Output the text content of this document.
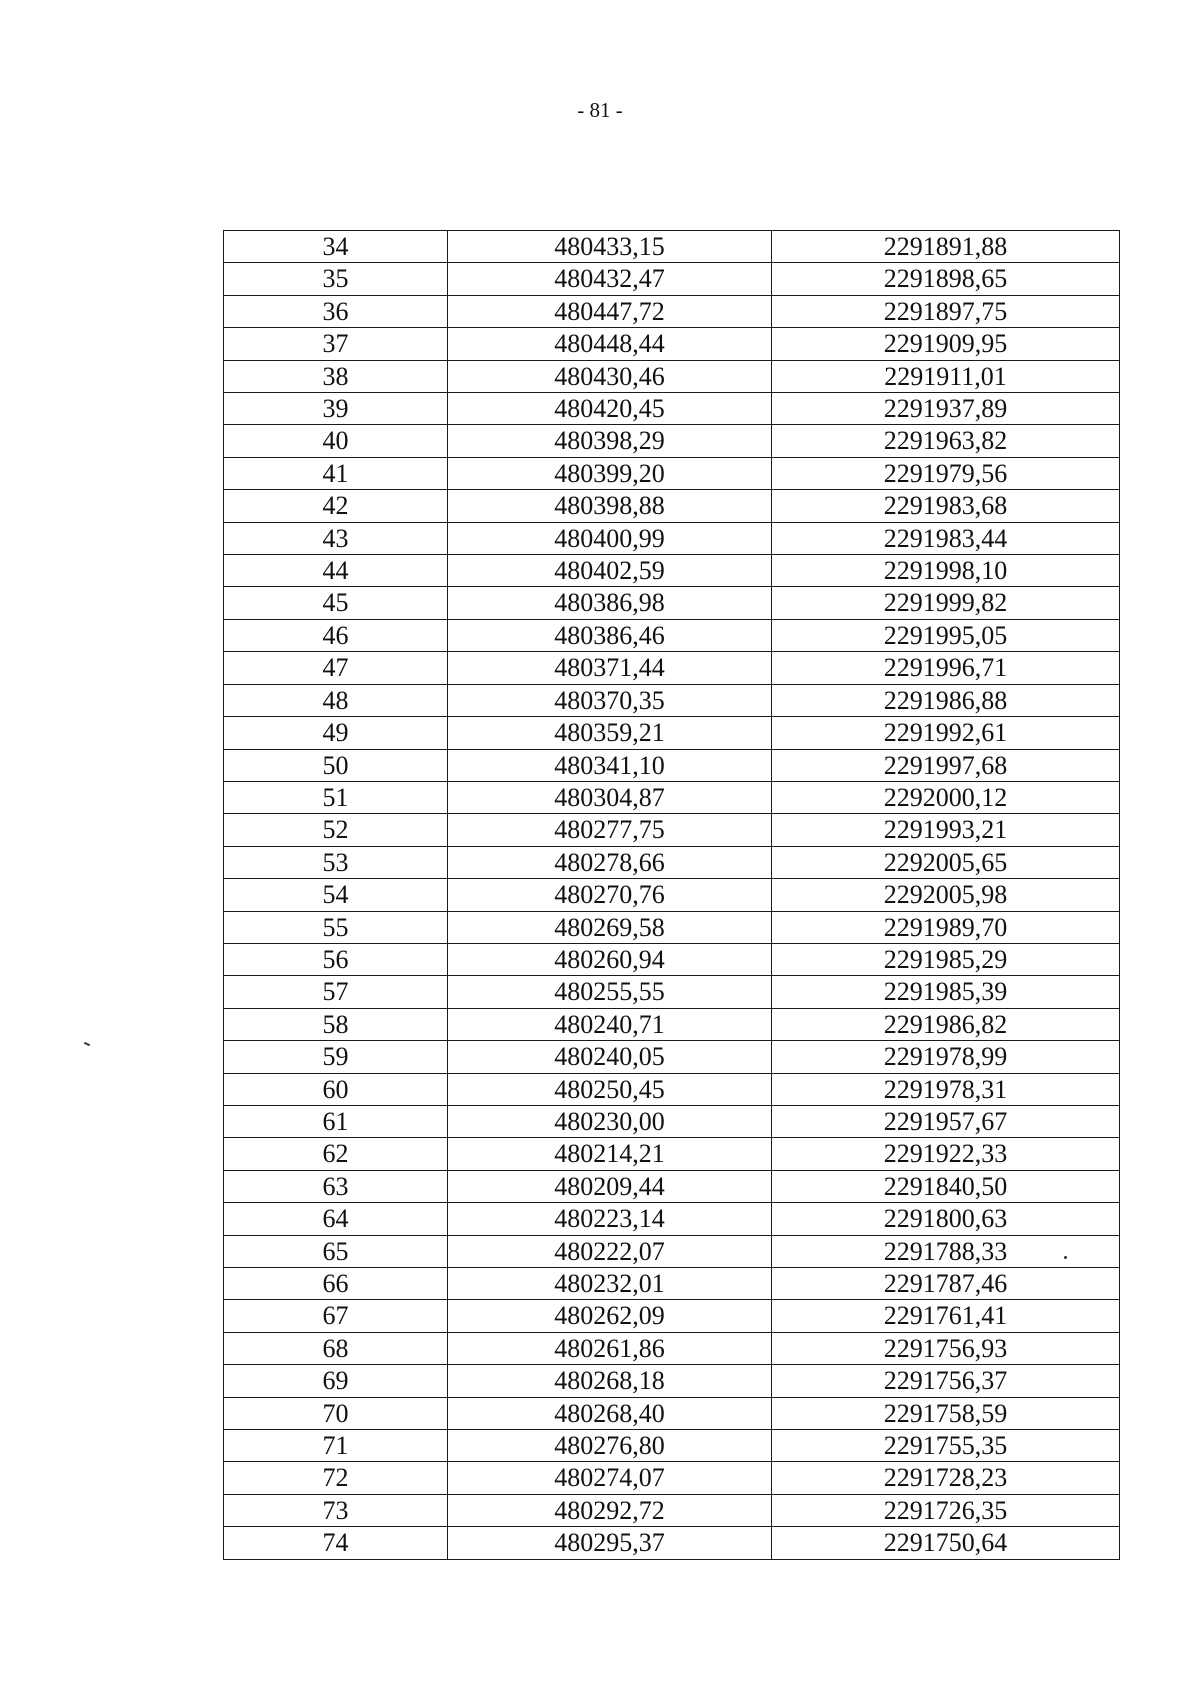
- 81 -
34	480433,15	2291891,88
35	480432,47	2291898,65
36	480447,72	2291897,75
37	480448,44	2291909,95
38	480430,46	2291911,01
39	480420,45	2291937,89
40	480398,29	2291963,82
41	480399,20	2291979,56
42	480398,88	2291983,68
43	480400,99	2291983,44
44	480402,59	2291998,10
45	480386,98	2291999,82
46	480386,46	2291995,05
47	480371,44	2291996,71
48	480370,35	2291986,88
49	480359,21	2291992,61
50	480341,10	2291997,68
51	480304,87	2292000,12
52	480277,75	2291993,21
53	480278,66	2292005,65
54	480270,76	2292005,98
55	480269,58	2291989,70
56	480260,94	2291985,29
57	480255,55	2291985,39
58	480240,71	2291986,82
59	480240,05	2291978,99
60	480250,45	2291978,31
61	480230,00	2291957,67
62	480214,21	2291922,33
63	480209,44	2291840,50
64	480223,14	2291800,63
65	480222,07	2291788,33
66	480232,01	2291787,46
67	480262,09	2291761,41
68	480261,86	2291756,93
69	480268,18	2291756,37
70	480268,40	2291758,59
71	480276,80	2291755,35
72	480274,07	2291728,23
73	480292,72	2291726,35
74	480295,37	2291750,64
